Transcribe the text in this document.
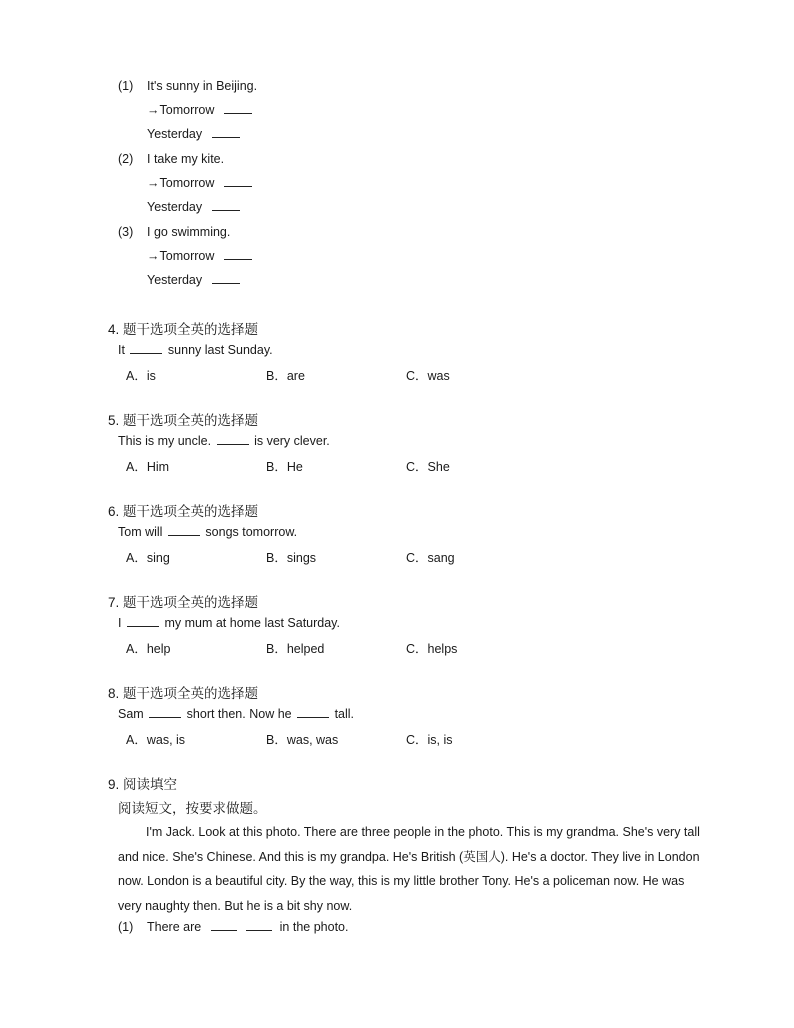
(1) It's sunny in Beijing.
→Tomorrow
Yesterday
(2) I take my kite.
→Tomorrow
Yesterday
(3) I go swimming.
→Tomorrow
Yesterday
4. 题干选项全英的选择题
It	sunny last Sunday.
A．is	B．are	C．was
5. 题干选项全英的选择题
This is my uncle.	is very clever.
A．Him	B．He	C．She
6. 题干选项全英的选择题
Tom will	songs tomorrow.
A．sing	B．sings	C．sang
7. 题干选项全英的选择题
I	my mum at home last Saturday.
A．help	B．helped	C．helps
8. 题干选项全英的选择题
Sam	short then. Now he	tall.
A．was, is	B．was, was	C．is, is
9. 阅读填空
阅读短文，按要求做题。
I'm Jack. Look at this photo. There are three people in the photo. This is my grandma. She's very tall and nice. She's Chinese. And this is my grandpa. He's British (英国人). He's a doctor. They live in London now. London is a beautiful city. By the way, this is my little brother Tony. He's a policeman now. He was very naughty then. But he is a bit shy now.
(1) There are	in the photo.
